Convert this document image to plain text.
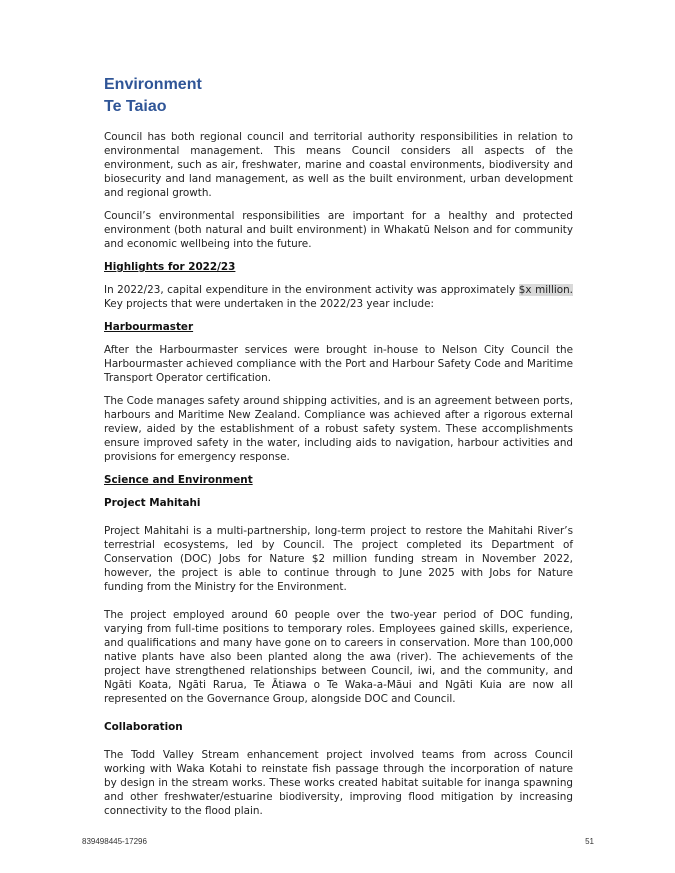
Environment
Te Taiao

Council has both regional council and territorial authority responsibilities in relation to environmental management. This means Council considers all aspects of the environment, such as air, freshwater, marine and coastal environments, biodiversity and biosecurity and land management, as well as the built environment, urban development and regional growth.

Council’s environmental responsibilities are important for a healthy and protected environment (both natural and built environment) in Whakatū Nelson and for community and economic wellbeing into the future.

Highlights for 2022/23

In 2022/23, capital expenditure in the environment activity was approximately $x million. Key projects that were undertaken in the 2022/23 year include:

Harbourmaster

After the Harbourmaster services were brought in-house to Nelson City Council the Harbourmaster achieved compliance with the Port and Harbour Safety Code and Maritime Transport Operator certification.

The Code manages safety around shipping activities, and is an agreement between ports, harbours and Maritime New Zealand. Compliance was achieved after a rigorous external review, aided by the establishment of a robust safety system. These accomplishments ensure improved safety in the water, including aids to navigation, harbour activities and provisions for emergency response.

Science and Environment
Project Mahitahi

Project Mahitahi is a multi-partnership, long-term project to restore the Mahitahi River’s terrestrial ecosystems, led by Council. The project completed its Department of Conservation (DOC) Jobs for Nature $2 million funding stream in November 2022, however, the project is able to continue through to June 2025 with Jobs for Nature funding from the Ministry for the Environment.

The project employed around 60 people over the two-year period of DOC funding, varying from full-time positions to temporary roles. Employees gained skills, experience, and qualifications and many have gone on to careers in conservation. More than 100,000 native plants have also been planted along the awa (river). The achievements of the project have strengthened relationships between Council, iwi, and the community, and Ngāti Koata, Ngāti Rarua, Te Ātiawa o Te Waka-a-Māui and Ngāti Kuia are now all represented on the Governance Group, alongside DOC and Council.

Collaboration

The Todd Valley Stream enhancement project involved teams from across Council working with Waka Kotahi to reinstate fish passage through the incorporation of nature by design in the stream works. These works created habitat suitable for inanga spawning and other freshwater/estuarine biodiversity, improving flood mitigation by increasing connectivity to the flood plain.

839498445-17296	51
